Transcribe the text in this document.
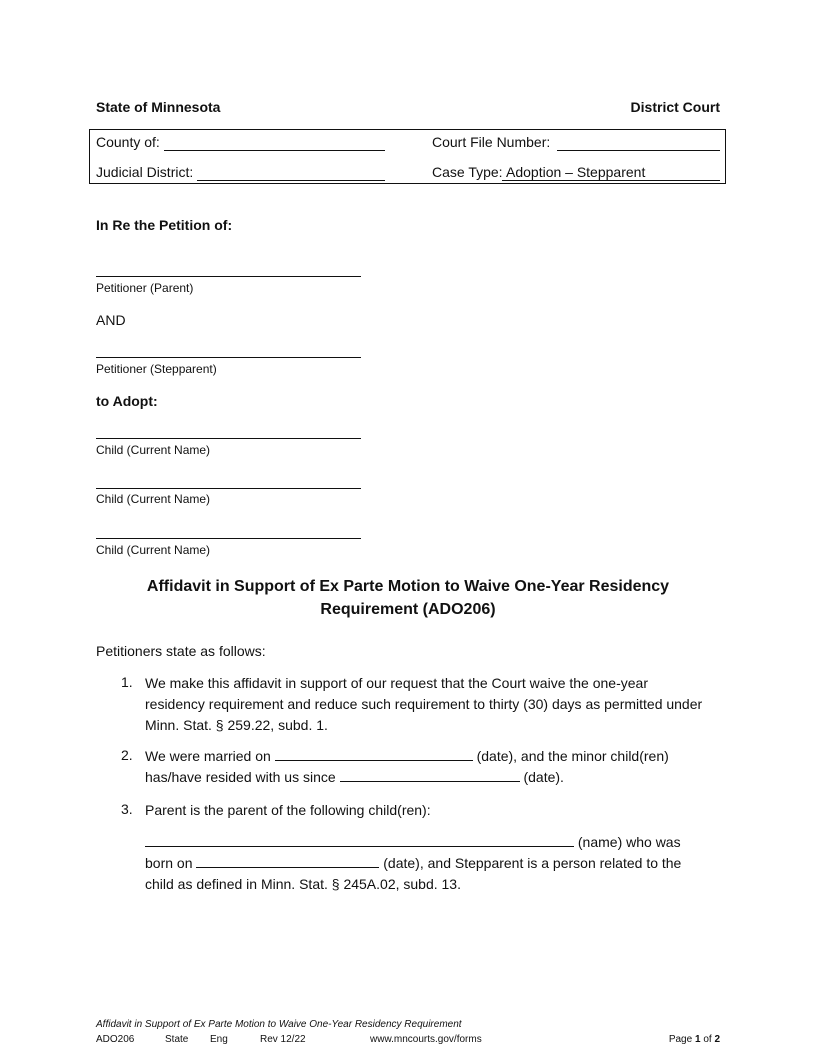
State of Minnesota	District Court
County of:
Judicial District:
Court File Number:
Case Type: Adoption – Stepparent
In Re the Petition of:
Petitioner (Parent)
AND
Petitioner (Stepparent)
to Adopt:
Child (Current Name)
Child (Current Name)
Child (Current Name)
Affidavit in Support of Ex Parte Motion to Waive One-Year Residency
Requirement (ADO206)
Petitioners state as follows:
1. We make this affidavit in support of our request that the Court waive the one-year residency requirement and reduce such requirement to thirty (30) days as permitted under Minn. Stat. § 259.22, subd. 1.
2. We were married on	(date), and the minor child(ren) has/have resided with us since	(date).
3. Parent is the parent of the following child(ren):
(name) who was born on	(date), and Stepparent is a person related to the child as defined in Minn. Stat. § 245A.02, subd. 13.
Affidavit in Support of Ex Parte Motion to Waive One-Year Residency Requirement
ADO206	State Eng	Rev 12/22	www.mncourts.gov/forms	Page 1 of 2
